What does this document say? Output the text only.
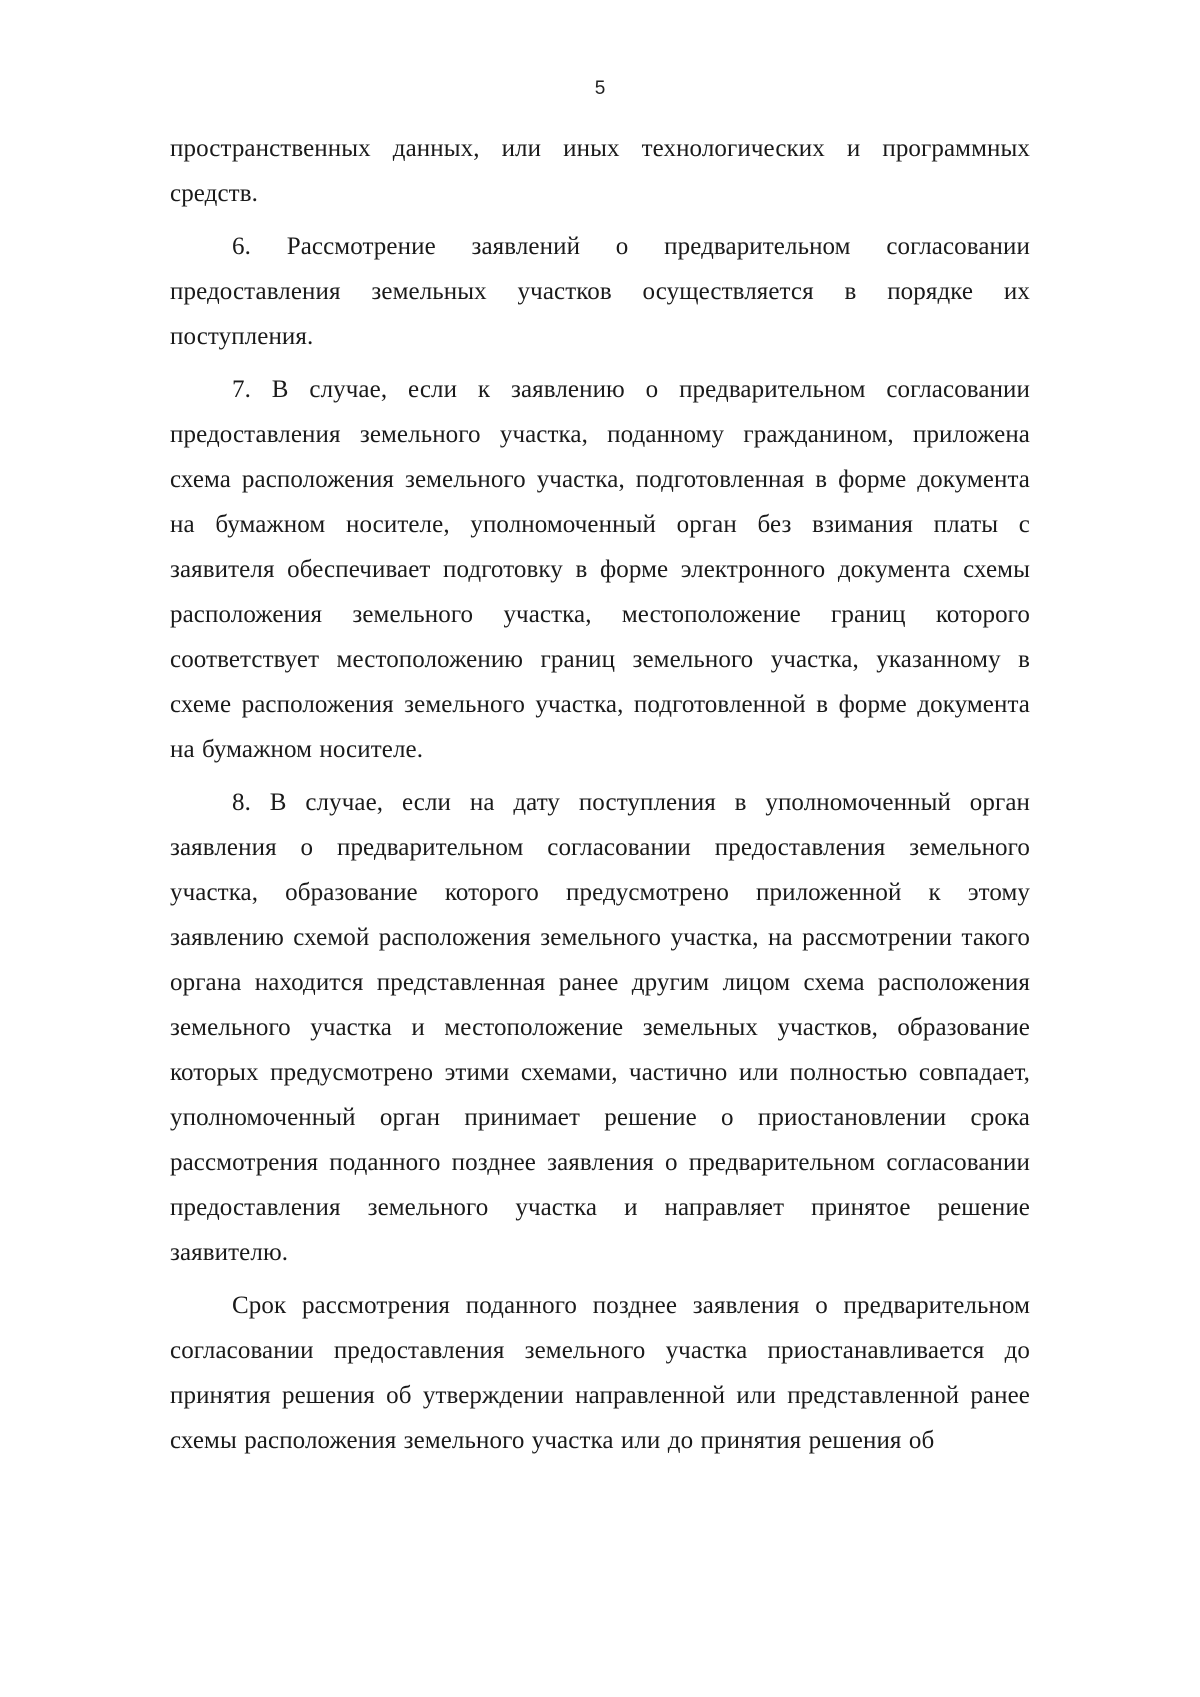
5

пространственных данных, или иных технологических и программных средств.

6. Рассмотрение заявлений о предварительном согласовании предоставления земельных участков осуществляется в порядке их поступления.

7. В случае, если к заявлению о предварительном согласовании предоставления земельного участка, поданному гражданином, приложена схема расположения земельного участка, подготовленная в форме документа на бумажном носителе, уполномоченный орган без взимания платы с заявителя обеспечивает подготовку в форме электронного документа схемы расположения земельного участка, местоположение границ которого соответствует местоположению границ земельного участка, указанному в схеме расположения земельного участка, подготовленной в форме документа на бумажном носителе.

8. В случае, если на дату поступления в уполномоченный орган заявления о предварительном согласовании предоставления земельного участка, образование которого предусмотрено приложенной к этому заявлению схемой расположения земельного участка, на рассмотрении такого органа находится представленная ранее другим лицом схема расположения земельного участка и местоположение земельных участков, образование которых предусмотрено этими схемами, частично или полностью совпадает, уполномоченный орган принимает решение о приостановлении срока рассмотрения поданного позднее заявления о предварительном согласовании предоставления земельного участка и направляет принятое решение заявителю.

Срок рассмотрения поданного позднее заявления о предварительном согласовании предоставления земельного участка приостанавливается до принятия решения об утверждении направленной или представленной ранее схемы расположения земельного участка или до принятия решения об
